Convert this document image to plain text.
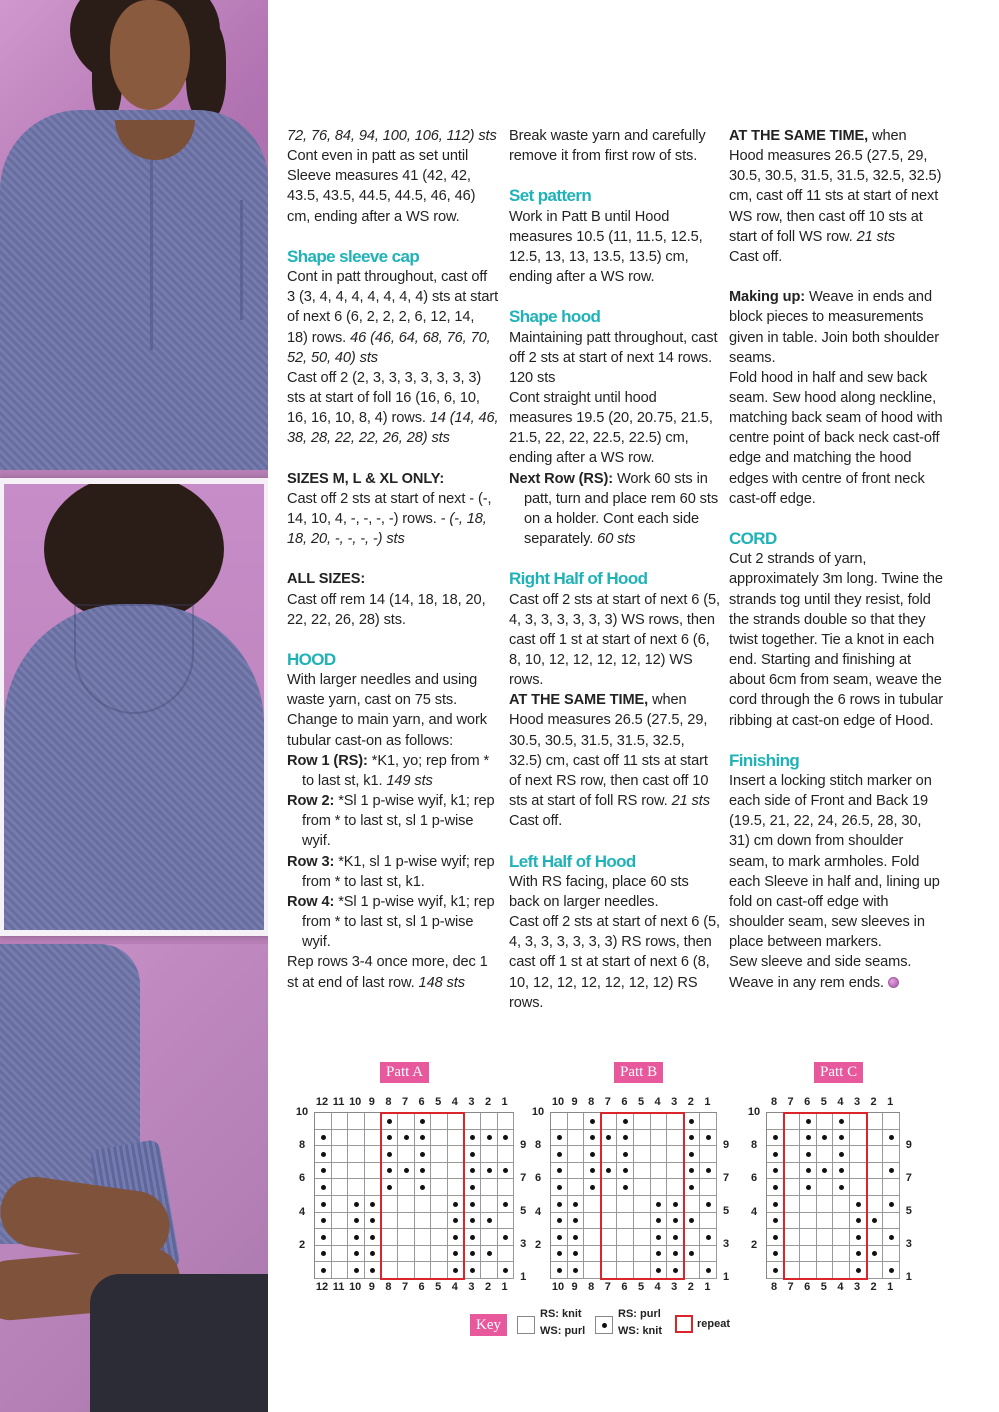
72, 76, 84, 94, 100, 106, 112) sts

Cont even in patt as set until Sleeve measures 41 (42, 42, 43.5, 43.5, 44.5, 44.5, 46, 46) cm, ending after a WS row.

Shape sleeve cap

Cont in patt throughout, cast off 3 (3, 4, 4, 4, 4, 4, 4, 4) sts at start of next 6 (6, 2, 2, 2, 6, 12, 14, 18) rows. 46 (46, 64, 68, 76, 70, 52, 50, 40) sts

Cast off 2 (2, 3, 3, 3, 3, 3, 3, 3) sts at start of foll 16 (16, 6, 10, 16, 16, 10, 8, 4) rows. 14 (14, 46, 38, 28, 22, 22, 26, 28) sts

SIZES M, L & XL ONLY:

Cast off 2 sts at start of next - (-, 14, 10, 4, -, -, -, -) rows. - (-, 18, 18, 20, -, -, -, -) sts

ALL SIZES:

Cast off rem 14 (14, 18, 18, 20, 22, 22, 26, 28) sts.

HOOD

With larger needles and using waste yarn, cast on 75 sts. Change to main yarn, and work tubular cast-on as follows:

Row 1 (RS): *K1, yo; rep from * to last st, k1. 149 sts

Row 2: *Sl 1 p-wise wyif, k1; rep from * to last st, sl 1 p-wise wyif.

Row 3: *K1, sl 1 p-wise wyif; rep from * to last st, k1.

Row 4: *Sl 1 p-wise wyif, k1; rep from * to last st, sl 1 p-wise wyif.

Rep rows 3-4 once more, dec 1 st at end of last row. 148 sts

Break waste yarn and carefully remove it from first row of sts.

Set pattern

Work in Patt B until Hood measures 10.5 (11, 11.5, 12.5, 12.5, 13, 13, 13.5, 13.5) cm, ending after a WS row.

Shape hood

Maintaining patt throughout, cast off 2 sts at start of next 14 rows. 120 sts

Cont straight until hood measures 19.5 (20, 20.75, 21.5, 21.5, 22, 22, 22.5, 22.5) cm, ending after a WS row.

Next Row (RS): Work 60 sts in patt, turn and place rem 60 sts on a holder. Cont each side separately. 60 sts

Right Half of Hood

Cast off 2 sts at start of next 6 (5, 4, 3, 3, 3, 3, 3, 3) WS rows, then cast off 1 st at start of next 6 (6, 8, 10, 12, 12, 12, 12, 12) WS rows.

AT THE SAME TIME, when Hood measures 26.5 (27.5, 29, 30.5, 30.5, 31.5, 31.5, 32.5, 32.5) cm, cast off 11 sts at start of next RS row, then cast off 10 sts at start of foll RS row. 21 sts

Cast off.

Left Half of Hood

With RS facing, place 60 sts back on larger needles.

Cast off 2 sts at start of next 6 (5, 4, 3, 3, 3, 3, 3, 3) RS rows, then cast off 1 st at start of next 6 (8, 10, 12, 12, 12, 12, 12, 12) RS rows.

AT THE SAME TIME, when Hood measures 26.5 (27.5, 29, 30.5, 30.5, 31.5, 31.5, 32.5, 32.5) cm, cast off 11 sts at start of next WS row, then cast off 10 sts at start of foll WS row. 21 sts

Cast off.

Making up: Weave in ends and block pieces to measurements given in table. Join both shoulder seams.

Fold hood in half and sew back seam. Sew hood along neckline, matching back seam of hood with centre point of back neck cast-off edge and matching the hood edges with centre of front neck cast-off edge.

CORD

Cut 2 strands of yarn, approximately 3m long. Twine the strands tog until they resist, fold the strands double so that they twist together. Tie a knot in each end. Starting and finishing at about 6cm from seam, weave the cord through the 6 rows in tubular ribbing at cast-on edge of Hood.

Finishing

Insert a locking stitch marker on each side of Front and Back 19 (19.5, 21, 22, 24, 26.5, 28, 30, 31) cm down from shoulder seam, to mark armholes. Fold each Sleeve in half and, lining up fold on cast-off edge with shoulder seam, sew sleeves in place between markers.

Sew sleeve and side seams.

Weave in any rem ends.

Patt A
12 11 10 9 8 7 6 5 4 3 2 1
12 11 10 9 8 7 6 5 4 3 2 1
10
8
6
4
2
9
7
5
3
1
Patt B
10 9 8 7 6 5 4 3 2 1
10 9 8 7 6 5 4 3 2 1
10
8
6
4
2
9
7
5
3
1
Patt C
8 7 6 5 4 3 2 1
8 7 6 5 4 3 2 1
10
8
6
4
2
9
7
5
3
1
Key
RS: knit
WS: purl
RS: purl
WS: knit
repeat
